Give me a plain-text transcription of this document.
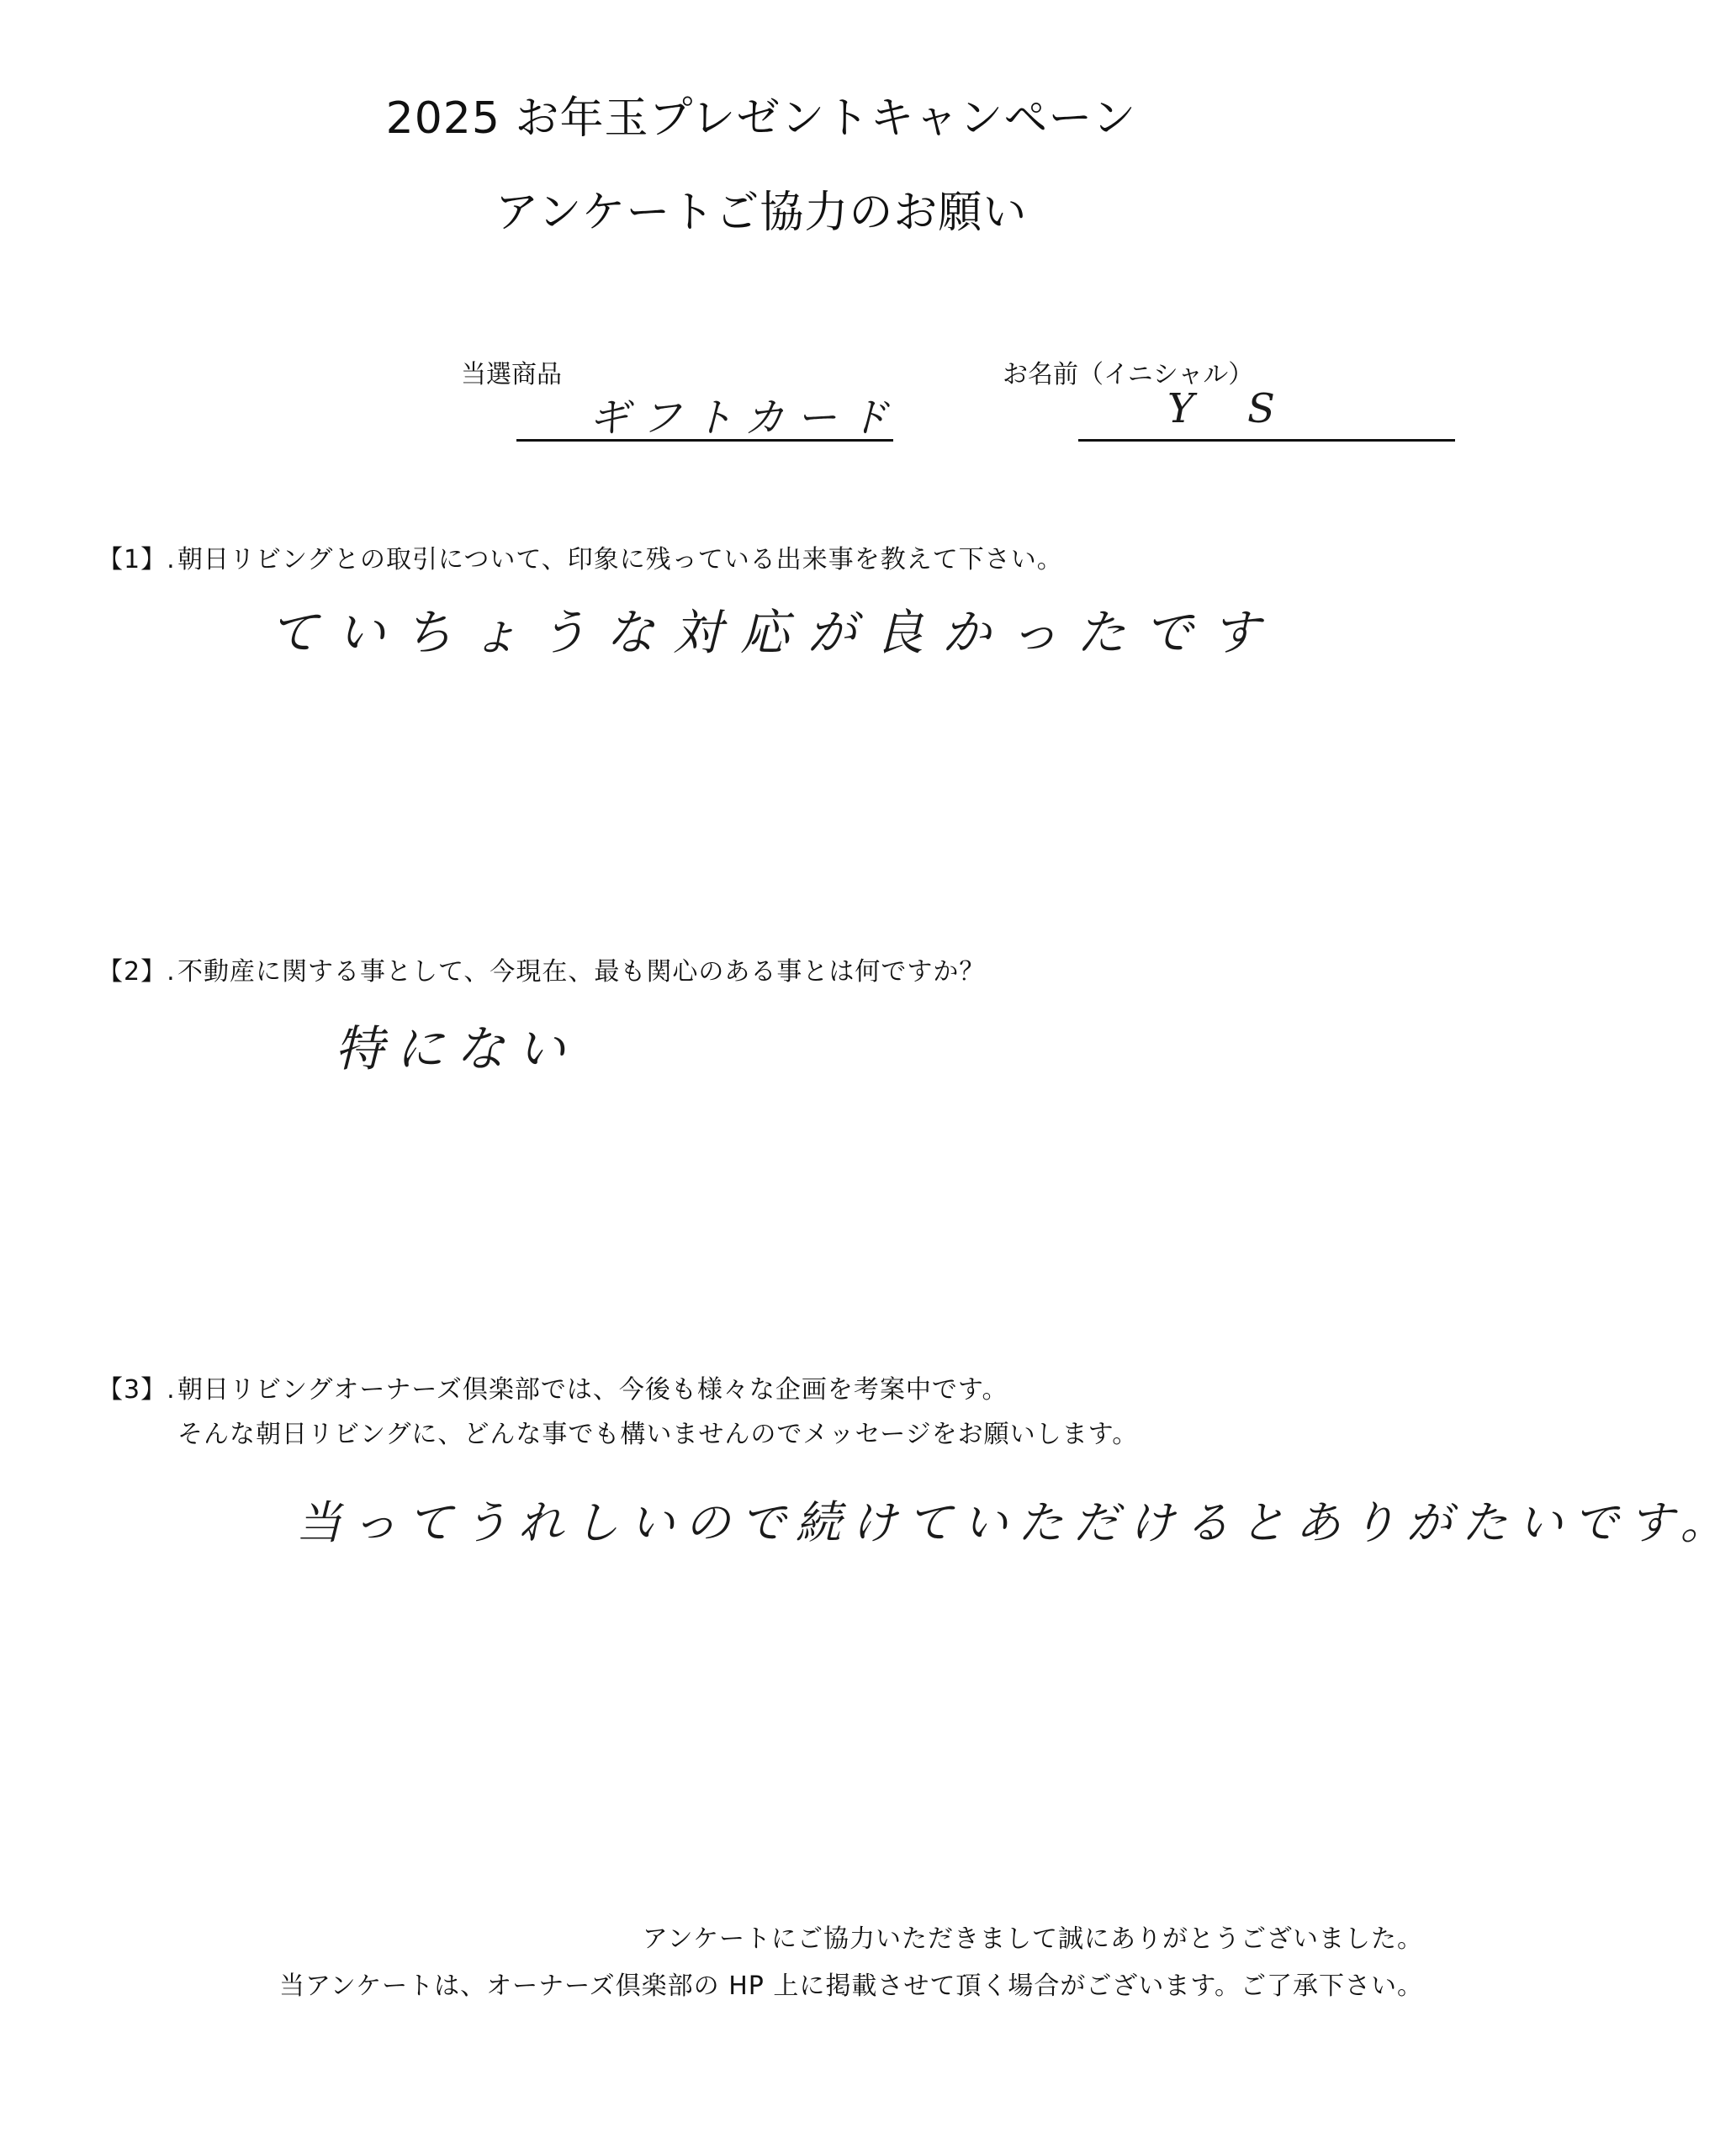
2025 お年玉プレゼントキャンペーン
アンケートご協力のお願い
当選商品
ギフトカード
お名前（イニシャル）
Y S
【1】.朝日リビングとの取引について、印象に残っている出来事を教えて下さい。
ていちょうな対応が良かったです
【2】.不動産に関する事として、今現在、最も関心のある事とは何ですか？
特にない
【3】.朝日リビングオーナーズ倶楽部では、今後も様々な企画を考案中です。
そんな朝日リビングに、どんな事でも構いませんのでメッセージをお願いします。
当ってうれしいので続けていただけるとありがたいです。
アンケートにご協力いただきまして誠にありがとうございました。
当アンケートは、オーナーズ倶楽部の HP 上に掲載させて頂く場合がございます。ご了承下さい。
